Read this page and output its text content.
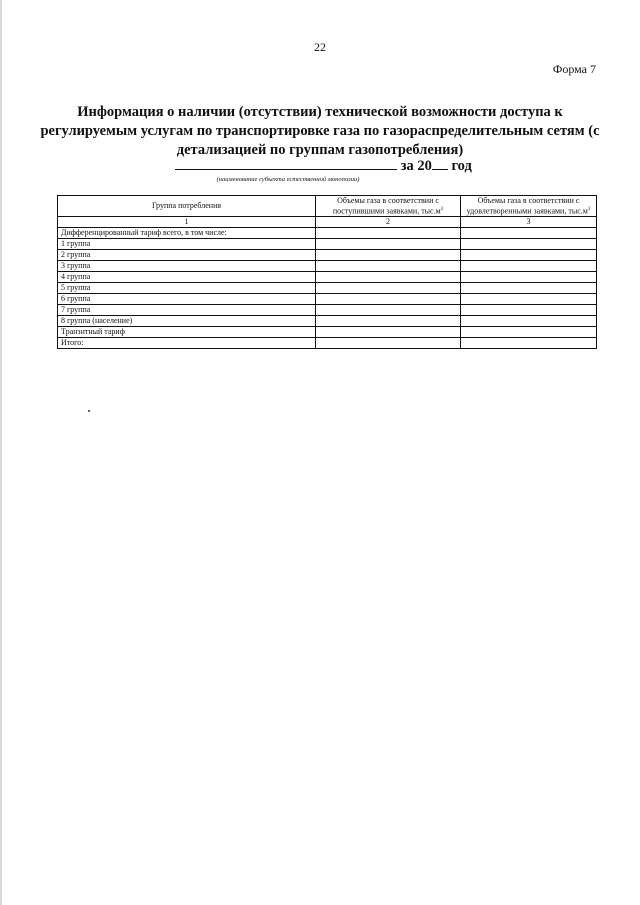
22
Форма 7
Информация о наличии (отсутствии) технической возможности доступа к регулируемым услугам по транспортировке газа по газораспределительным сетям (с детализацией по группам газопотребления)
за 20 год
(наименование субъекта естественной монополии)
Группа потребления	Объемы газа в соответствии с поступившими заявками, $тыс.м^3$	Объемы газа в соответствии с удовлетворенными заявками, $тыс.м^3$
1	2	3
Дифференцированный тариф всего, в том числе:		
1 группа		
2 группа		
3 группа		
4 группа		
5 группа		
6 группа		
7 группа		
8 группа (население)		
Транзитный тариф		
Итого:		
